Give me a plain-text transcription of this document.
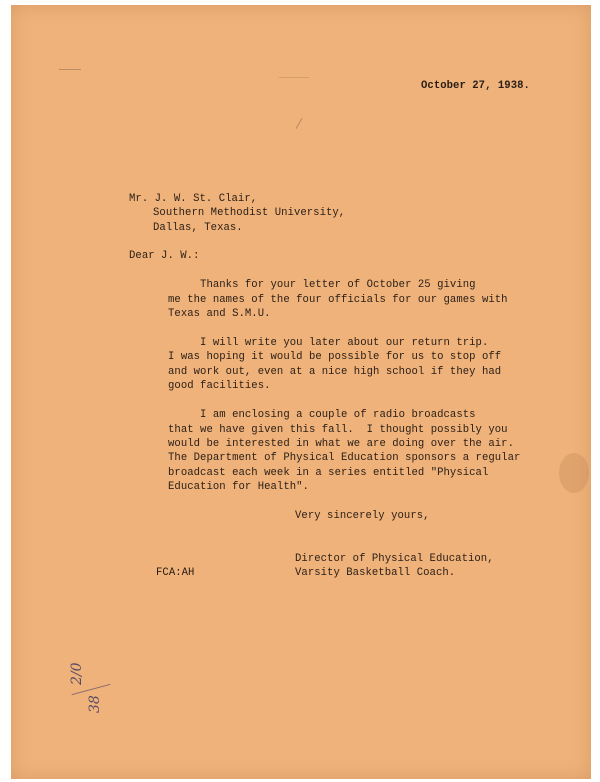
October 27, 1938.
Mr. J. W. St. Clair,
Southern Methodist University,
Dallas, Texas.
Dear J. W.:
Thanks for your letter of October 25 giving
me the names of the four officials for our games with
Texas and S.M.U.
I will write you later about our return trip.
I was hoping it would be possible for us to stop off
and work out, even at a nice high school if they had
good facilities.
I am enclosing a couple of radio broadcasts
that we have given this fall.  I thought possibly you
would be interested in what we are doing over the air.
The Department of Physical Education sponsors a regular
broadcast each week in a series entitled "Physical
Education for Health".
Very sincerely yours,
Director of Physical Education,
Varsity Basketball Coach.
FCA:AH
2/0
38
